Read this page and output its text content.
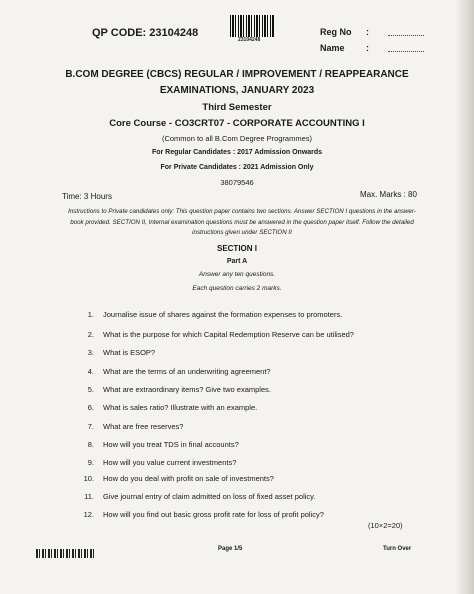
QP CODE: 23104248
23104248
Reg No :
Name :
B.COM DEGREE (CBCS) REGULAR / IMPROVEMENT / REAPPEARANCE
EXAMINATIONS, JANUARY 2023
Third Semester
Core Course - CO3CRT07 - CORPORATE ACCOUNTING I
(Common to all B.Com Degree Programmes)
For Regular Candidates : 2017 Admission Onwards
For Private Candidates : 2021 Admission Only
38079546
Time: 3 Hours	Max. Marks : 80
Instructions to Private candidates only: This question paper contains two sections. Answer SECTION I questions in the answer-book provided. SECTION II, Internal examination questions must be answered in the question paper itself. Follow the detailed instructions given under SECTION II
SECTION I
Part A
Answer any ten questions.
Each question carries 2 marks.
1. Journalise issue of shares against the formation expenses to promoters.
2. What is the purpose for which Capital Redemption Reserve can be utilised?
3. What is ESOP?
4. What are the terms of an underwriting agreement?
5. What are extraordinary items? Give two examples.
6. What is sales ratio? Illustrate with an example.
7. What are free reserves?
8. How will you treat TDS in final accounts?
9. How will you value current investments?
10. How do you deal with profit on sale of investments?
11. Give journal entry of claim admitted on loss of fixed asset policy.
12. How will you find out basic gross profit rate for loss of profit policy?
(10×2=20)
Page 1/5	Turn Over
